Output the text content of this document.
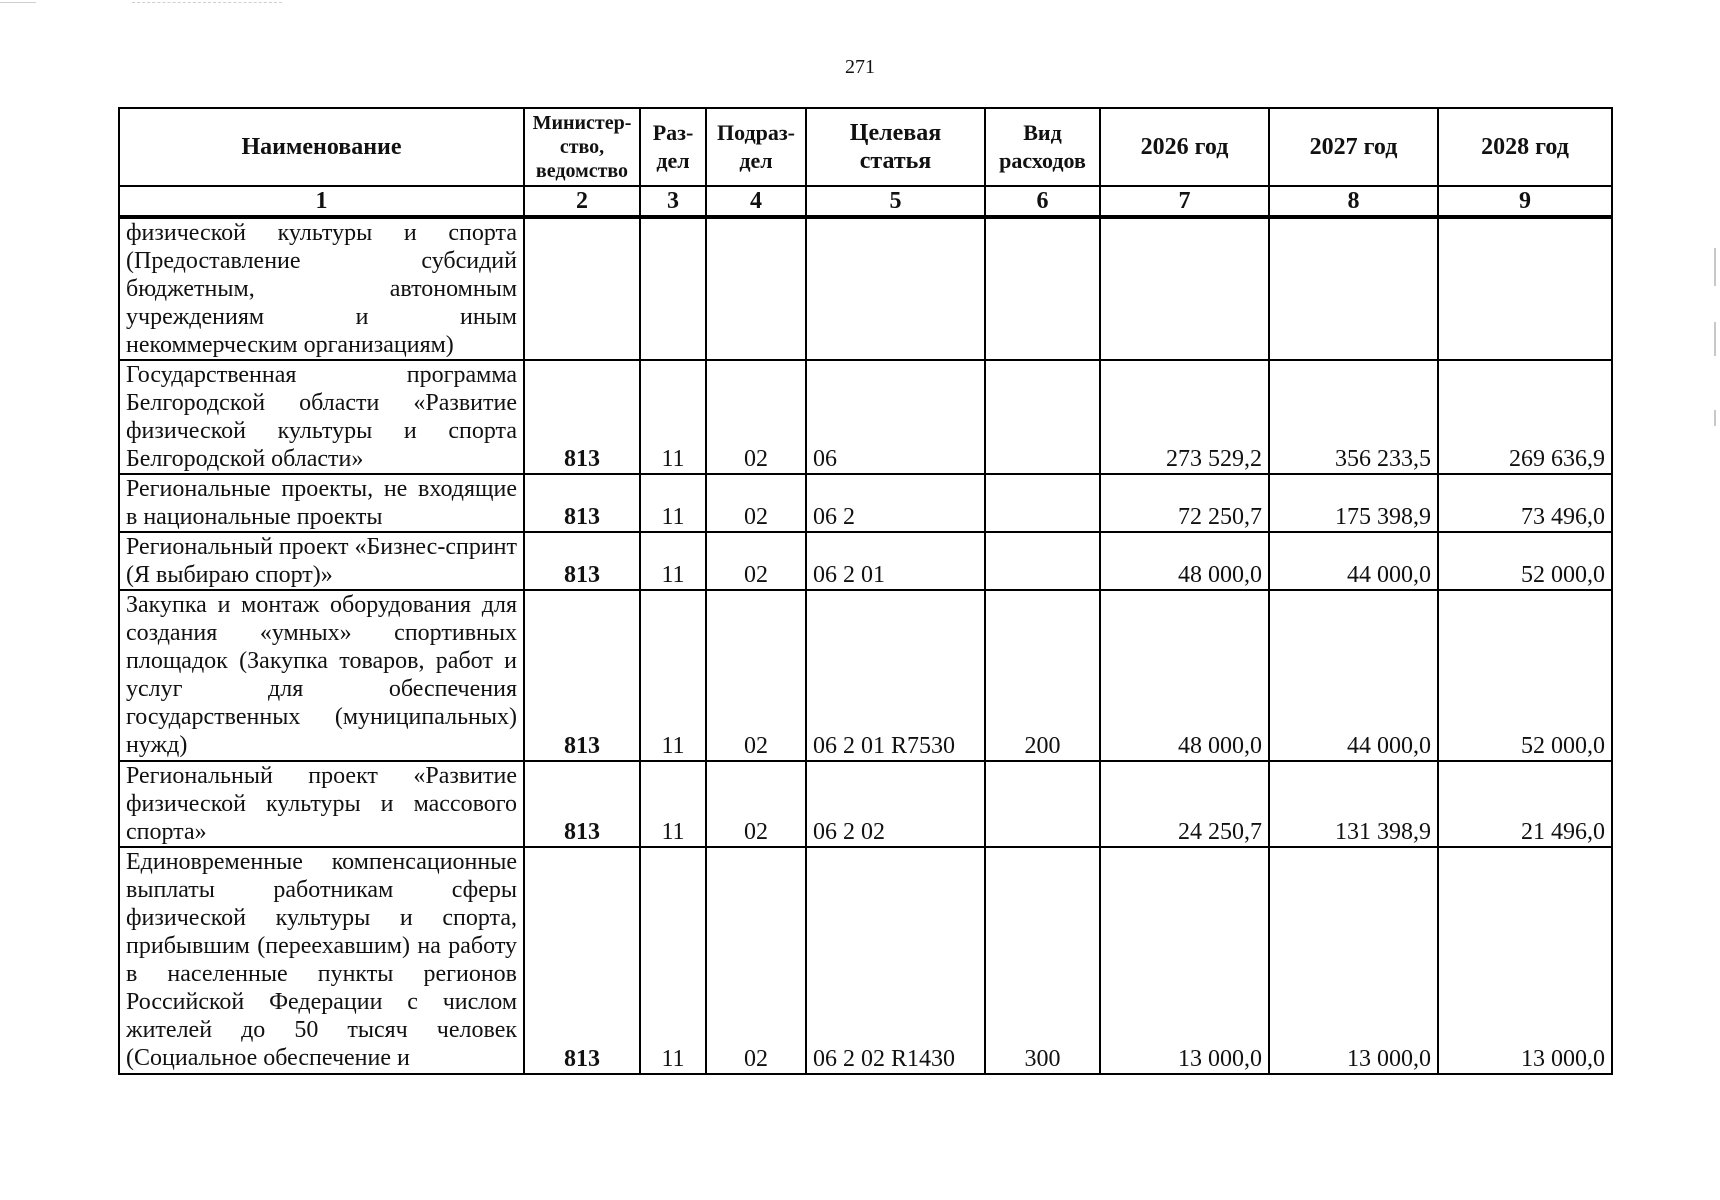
271
Наименование	Министер-ство, ведомство	Раз-дел	Подраз-дел	Целевая статья	Вид расходов	2026 год	2027 год	2028 год
1	2	3	4	5	6	7	8	9
физической культуры и спорта (Предоставление субсидий бюджетным, автономным учреждениям и иным некоммерческим организациям)								
Государственная программа Белгородской области «Развитие физической культуры и спорта Белгородской области»	813	11	02	06		273 529,2	356 233,5	269 636,9
Региональные проекты, не входящие в национальные проекты	813	11	02	06 2		72 250,7	175 398,9	73 496,0
Региональный проект «Бизнес-спринт (Я выбираю спорт)»	813	11	02	06 2 01		48 000,0	44 000,0	52 000,0
Закупка и монтаж оборудования для создания «умных» спортивных площадок (Закупка товаров, работ и услуг для обеспечения государственных (муниципальных) нужд)	813	11	02	06 2 01 R7530	200	48 000,0	44 000,0	52 000,0
Региональный проект «Развитие физической культуры и массового спорта»	813	11	02	06 2 02		24 250,7	131 398,9	21 496,0
Единовременные компенсационные выплаты работникам сферы физической культуры и спорта, прибывшим (переехавшим) на работу в населенные пункты регионов Российской Федерации с числом жителей до 50 тысяч человек (Социальное обеспечение и	813	11	02	06 2 02 R1430	300	13 000,0	13 000,0	13 000,0
